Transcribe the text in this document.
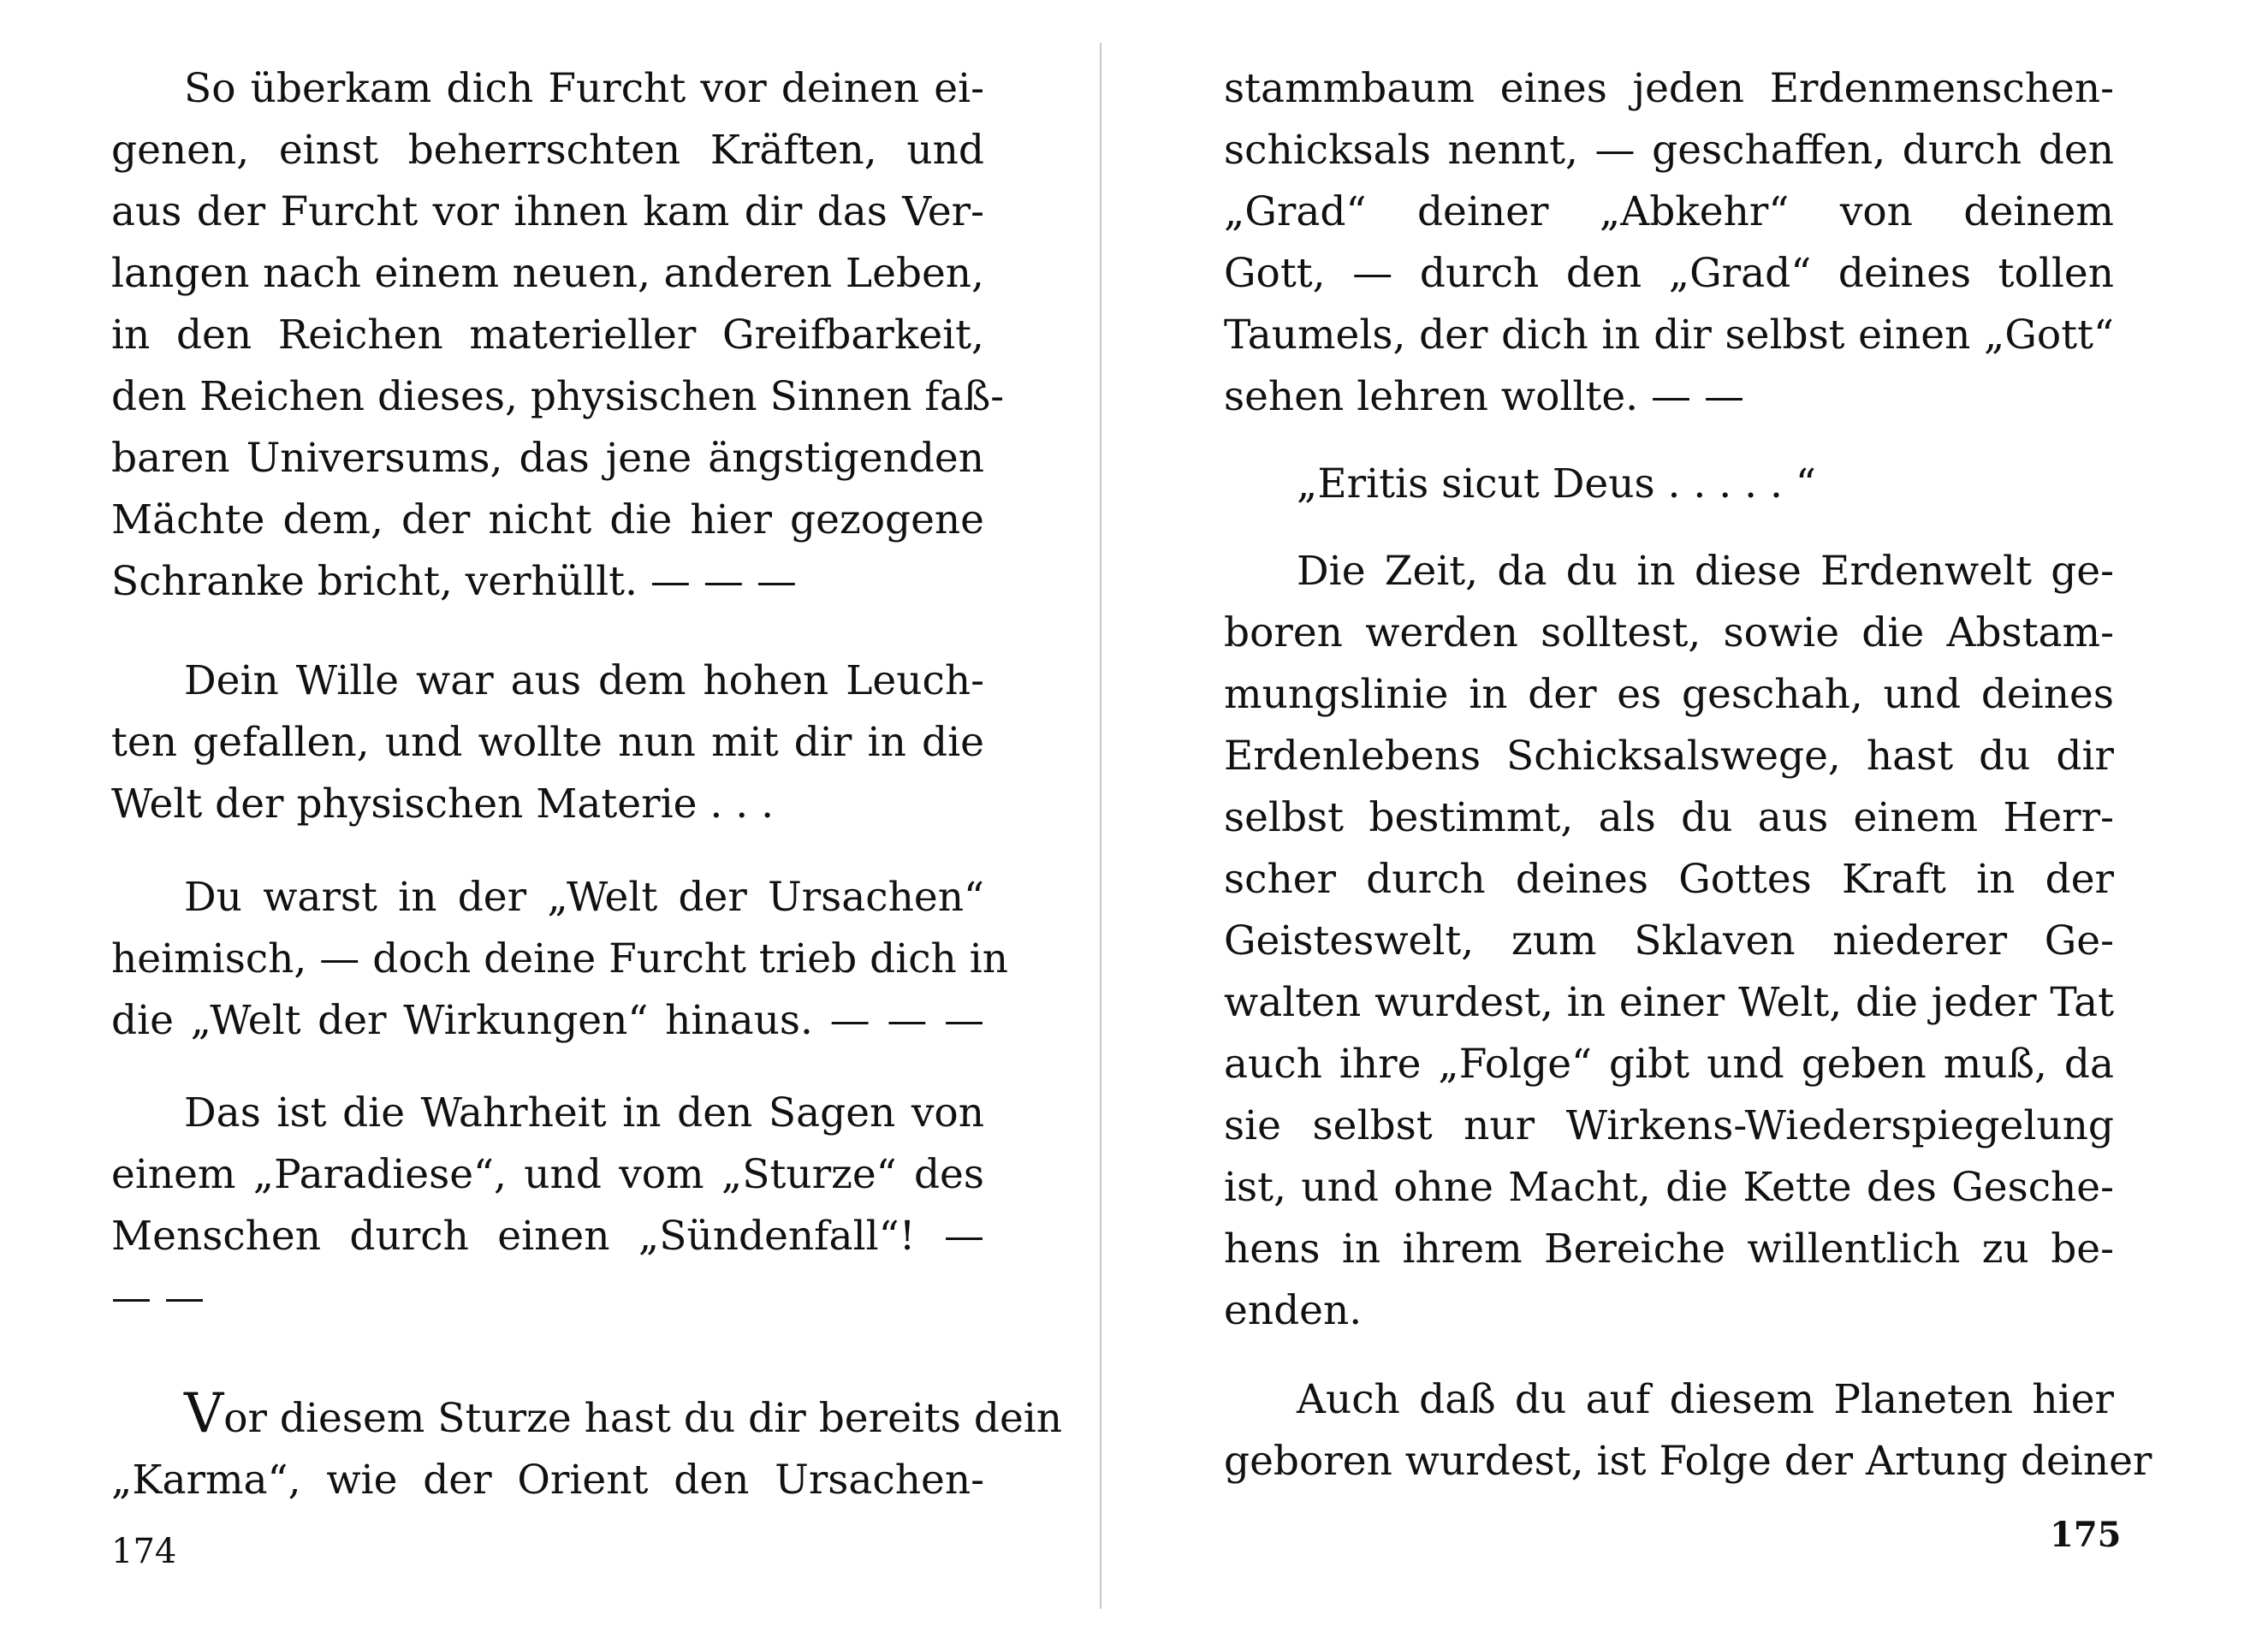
So überkam dich Furcht vor deinen ei-
genen, einst beherrschten Kräften, und
aus der Furcht vor ihnen kam dir das Ver-
langen nach einem neuen, anderen Leben,
in den Reichen materieller Greifbarkeit,
den Reichen dieses, physischen Sinnen faß-
baren Universums, das jene ängstigenden
Mächte dem, der nicht die hier gezogene
Schranke bricht, verhüllt. — — —
Dein Wille war aus dem hohen Leuch-
ten gefallen, und wollte nun mit dir in die
Welt der physischen Materie . . .
Du warst in der „Welt der Ursachen“
heimisch, — doch deine Furcht trieb dich in
die „Welt der Wirkungen“ hinaus. — — —
Das ist die Wahrheit in den Sagen von
einem „Paradiese“, und vom „Sturze“ des
Menschen durch einen „Sündenfall“! —
— —
Vor diesem Sturze hast du dir bereits dein
„Karma“, wie der Orient den Ursachen-
174
stammbaum eines jeden Erdenmenschen-
schicksals nennt, — geschaffen, durch den
„Grad“ deiner „Abkehr“ von deinem
Gott, — durch den „Grad“ deines tollen
Taumels, der dich in dir selbst einen „Gott“
sehen lehren wollte. — —
„Eritis sicut Deus . . . . . “
Die Zeit, da du in diese Erdenwelt ge-
boren werden solltest, sowie die Abstam-
mungslinie in der es geschah, und deines
Erdenlebens Schicksalswege, hast du dir
selbst bestimmt, als du aus einem Herr-
scher durch deines Gottes Kraft in der
Geisteswelt, zum Sklaven niederer Ge-
walten wurdest, in einer Welt, die jeder Tat
auch ihre „Folge“ gibt und geben muß, da
sie selbst nur Wirkens-Wiederspiegelung
ist, und ohne Macht, die Kette des Gesche-
hens in ihrem Bereiche willentlich zu be-
enden.
Auch daß du auf diesem Planeten hier
geboren wurdest, ist Folge der Artung deiner
175
